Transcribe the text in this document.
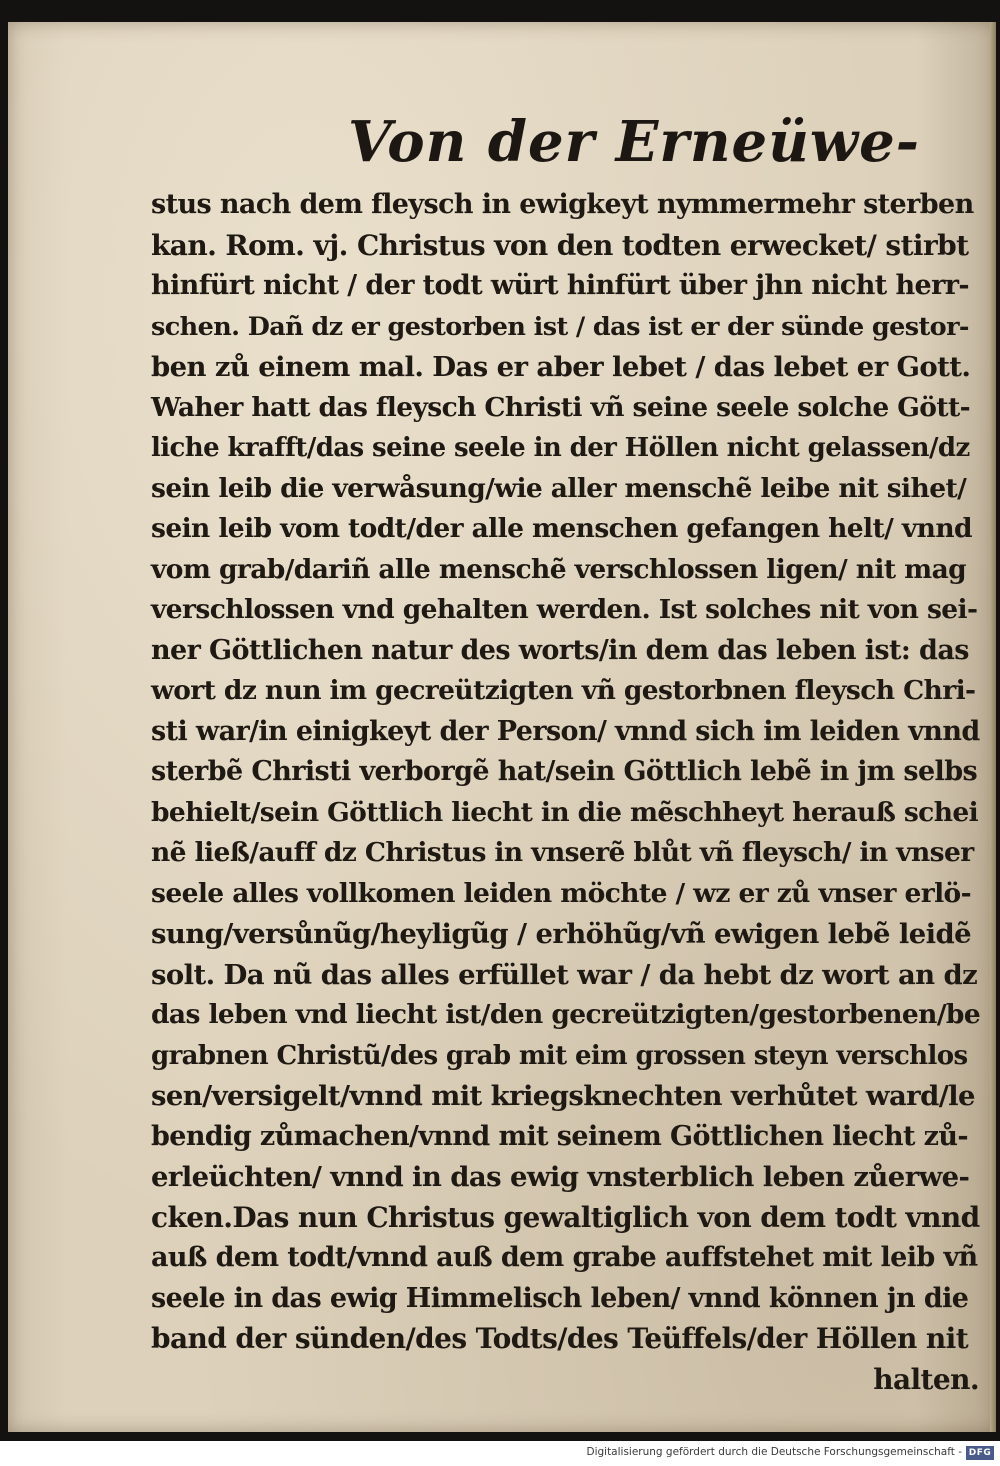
Von der Erneüwe-
stus nach dem fleysch in ewigkeyt nymmermehr sterben
kan. Rom. vj. Christus von den todten erwecket/ stirbt
hinfürt nicht / der todt würt hinfürt über jhn nicht herr-
schen. Dañ dz er gestorben ist / das ist er der sünde gestor-
ben zů einem mal. Das er aber lebet / das lebet er Gott.
Waher hatt das fleysch Christi vñ seine seele solche Gött-
liche krafft/das seine seele in der Höllen nicht gelassen/dz
sein leib die verwåsung/wie aller menschẽ leibe nit sihet/
sein leib vom todt/der alle menschen gefangen helt/ vnnd
vom grab/dariñ alle menschẽ verschlossen ligen/ nit mag
verschlossen vnd gehalten werden. Ist solches nit von sei-
ner Göttlichen natur des worts/in dem das leben ist: das
wort dz nun im gecreützigten vñ gestorbnen fleysch Chri-
sti war/in einigkeyt der Person/ vnnd sich im leiden vnnd
sterbẽ Christi verborgẽ hat/sein Göttlich lebẽ in jm selbs
behielt/sein Göttlich liecht in die mẽschheyt herauß schei
nẽ ließ/auff dz Christus in vnserẽ blůt vñ fleysch/ in vnser
seele alles vollkomen leiden möchte / wz er zů vnser erlö-
sung/versůnũg/heyligũg / erhöhũg/vñ ewigen lebẽ leidẽ
solt. Da nũ das alles erfüllet war / da hebt dz wort an dz
das leben vnd liecht ist/den gecreützigten/gestorbenen/be
grabnen Christũ/des grab mit eim grossen steyn verschlos
sen/versigelt/vnnd mit kriegsknechten verhůtet ward/le
bendig zůmachen/vnnd mit seinem Göttlichen liecht zů-
erleüchten/ vnnd in das ewig vnsterblich leben zůerwe-
cken.Das nun Christus gewaltiglich von dem todt vnnd
auß dem todt/vnnd auß dem grabe auffstehet mit leib vñ
seele in das ewig Himmelisch leben/ vnnd können jn die
band der sünden/des Todts/des Teüffels/der Höllen nit
halten.
Digitalisierung gefördert durch die Deutsche Forschungsgemeinschaft - DFG
